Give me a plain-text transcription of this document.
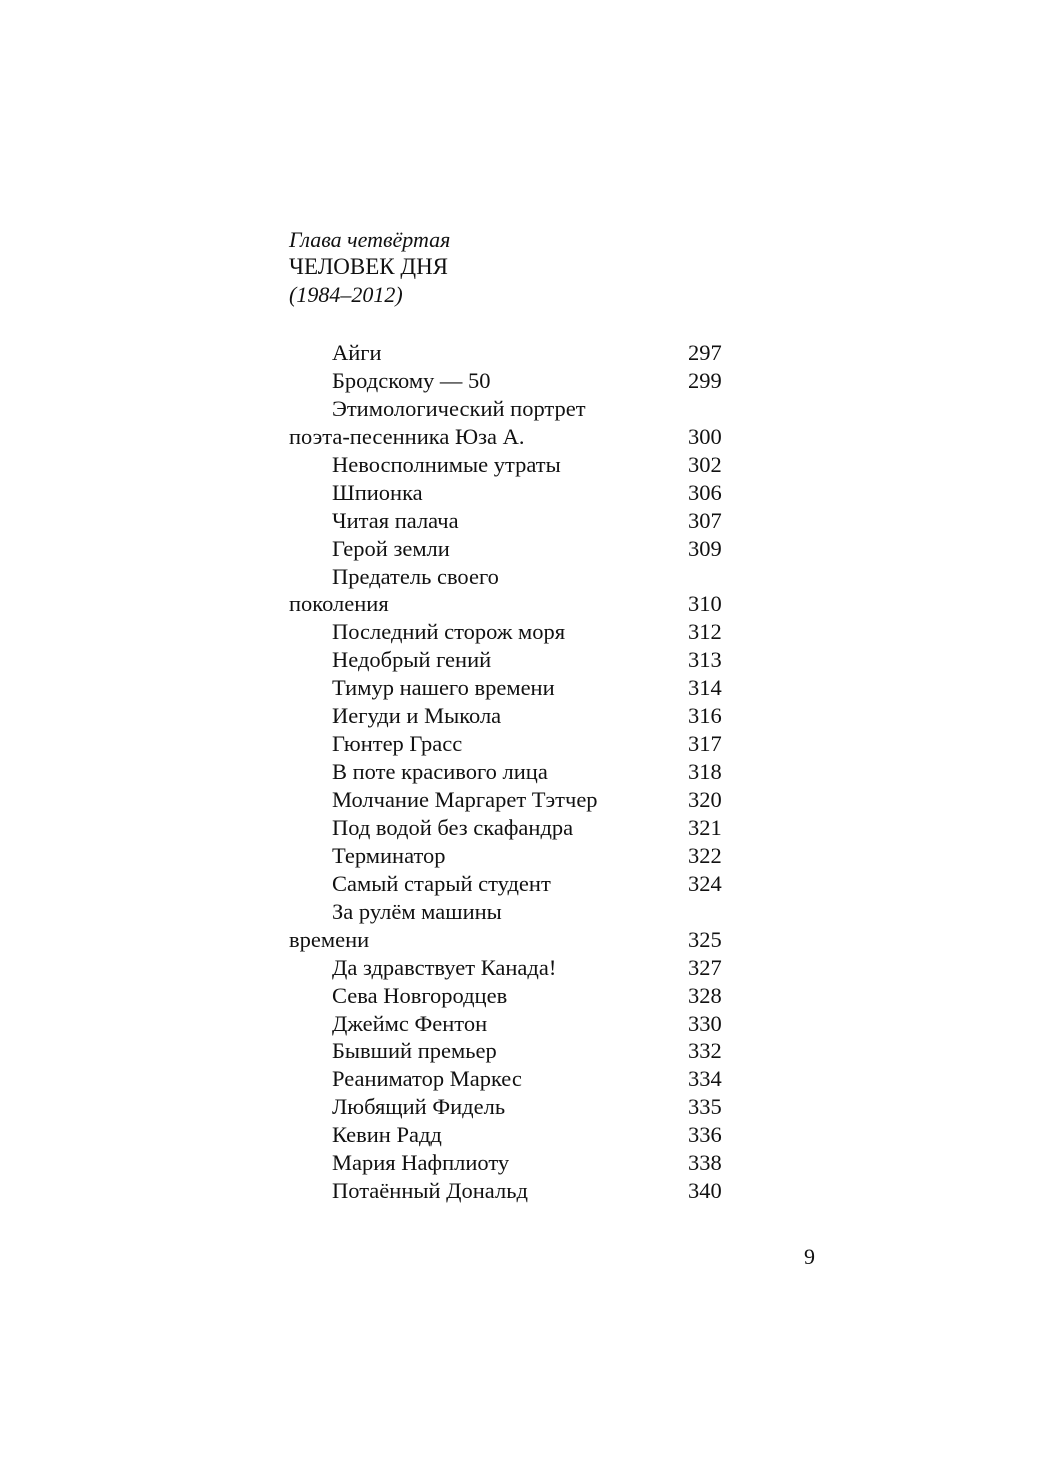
Глава четвёртая
ЧЕЛОВЕК ДНЯ
(1984–2012)
Айги	297
Бродскому — 50	299
Этимологический портрет
поэта-песенника Юза А.	300
Невосполнимые утраты	302
Шпионка	306
Читая палача	307
Герой земли	309
Предатель своего
поколения	310
Последний сторож моря	312
Недобрый гений	313
Тимур нашего времени	314
Иегуди и Мыкола	316
Гюнтер Грасс	317
В поте красивого лица	318
Молчание Маргарет Тэтчер	320
Под водой без скафандра	321
Терминатор	322
Самый старый студент	324
За рулём машины
времени	325
Да здравствует Канада!	327
Сева Новгородцев	328
Джеймс Фентон	330
Бывший премьер	332
Реаниматор Маркес	334
Любящий Фидель	335
Кевин Радд	336
Мария Нафплиоту	338
Потаённый Дональд	340
9
